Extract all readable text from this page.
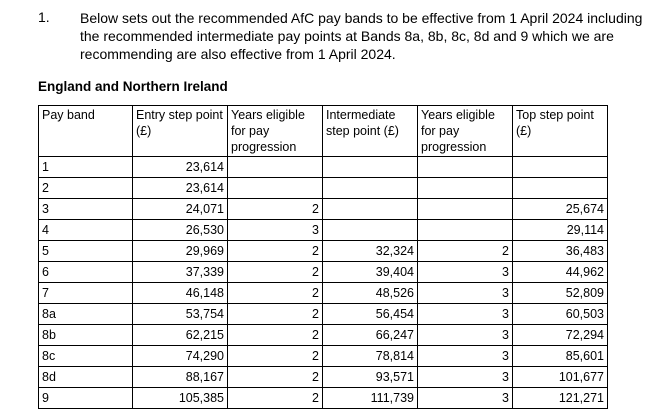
1. Below sets out the recommended AfC pay bands to be effective from 1 April 2024 including the recommended intermediate pay points at Bands 8a, 8b, 8c, 8d and 9 which we are recommending are also effective from 1 April 2024.
England and Northern Ireland
Pay band	Entry step point (£)	Years eligible for pay progression	Intermediate step point (£)	Years eligible for pay progression	Top step point (£)
1	23,614				
2	23,614				
3	24,071	2			25,674
4	26,530	3			29,114
5	29,969	2	32,324	2	36,483
6	37,339	2	39,404	3	44,962
7	46,148	2	48,526	3	52,809
8a	53,754	2	56,454	3	60,503
8b	62,215	2	66,247	3	72,294
8c	74,290	2	78,814	3	85,601
8d	88,167	2	93,571	3	101,677
9	105,385	2	111,739	3	121,271
